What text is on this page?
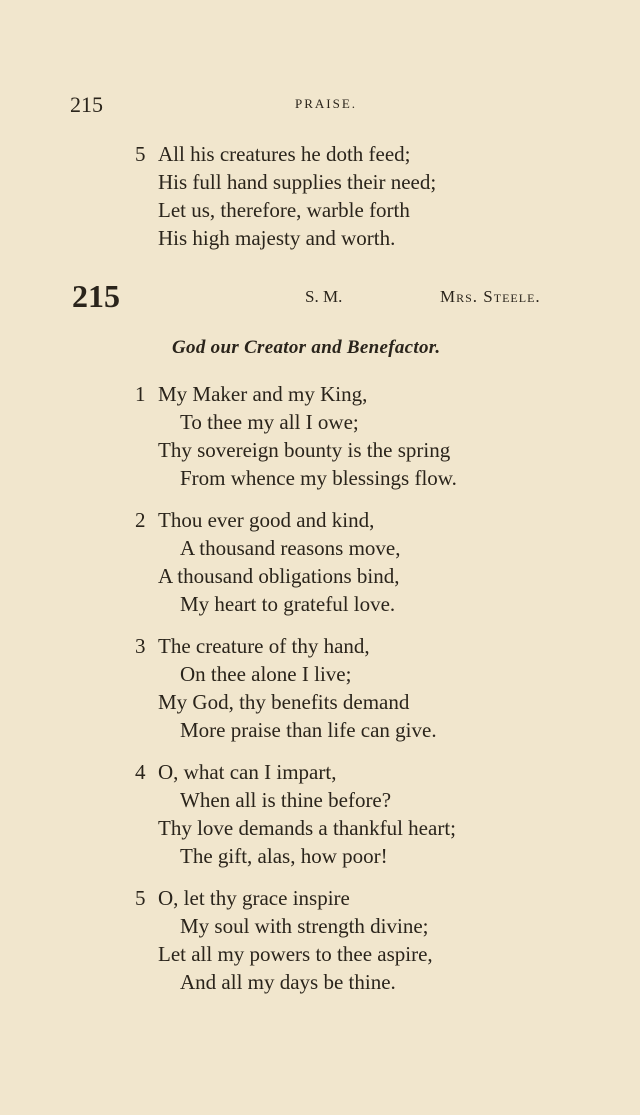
215	PRAISE.
5 All his creatures he doth feed;
His full hand supplies their need;
Let us, therefore, warble forth
His high majesty and worth.
215	S. M.	Mrs. Steele.
God our Creator and Benefactor.
1 My Maker and my King,
To thee my all I owe;
Thy sovereign bounty is the spring
From whence my blessings flow.
2 Thou ever good and kind,
A thousand reasons move,
A thousand obligations bind,
My heart to grateful love.
3 The creature of thy hand,
On thee alone I live;
My God, thy benefits demand
More praise than life can give.
4 O, what can I impart,
When all is thine before?
Thy love demands a thankful heart;
The gift, alas, how poor!
5 O, let thy grace inspire
My soul with strength divine;
Let all my powers to thee aspire,
And all my days be thine.
